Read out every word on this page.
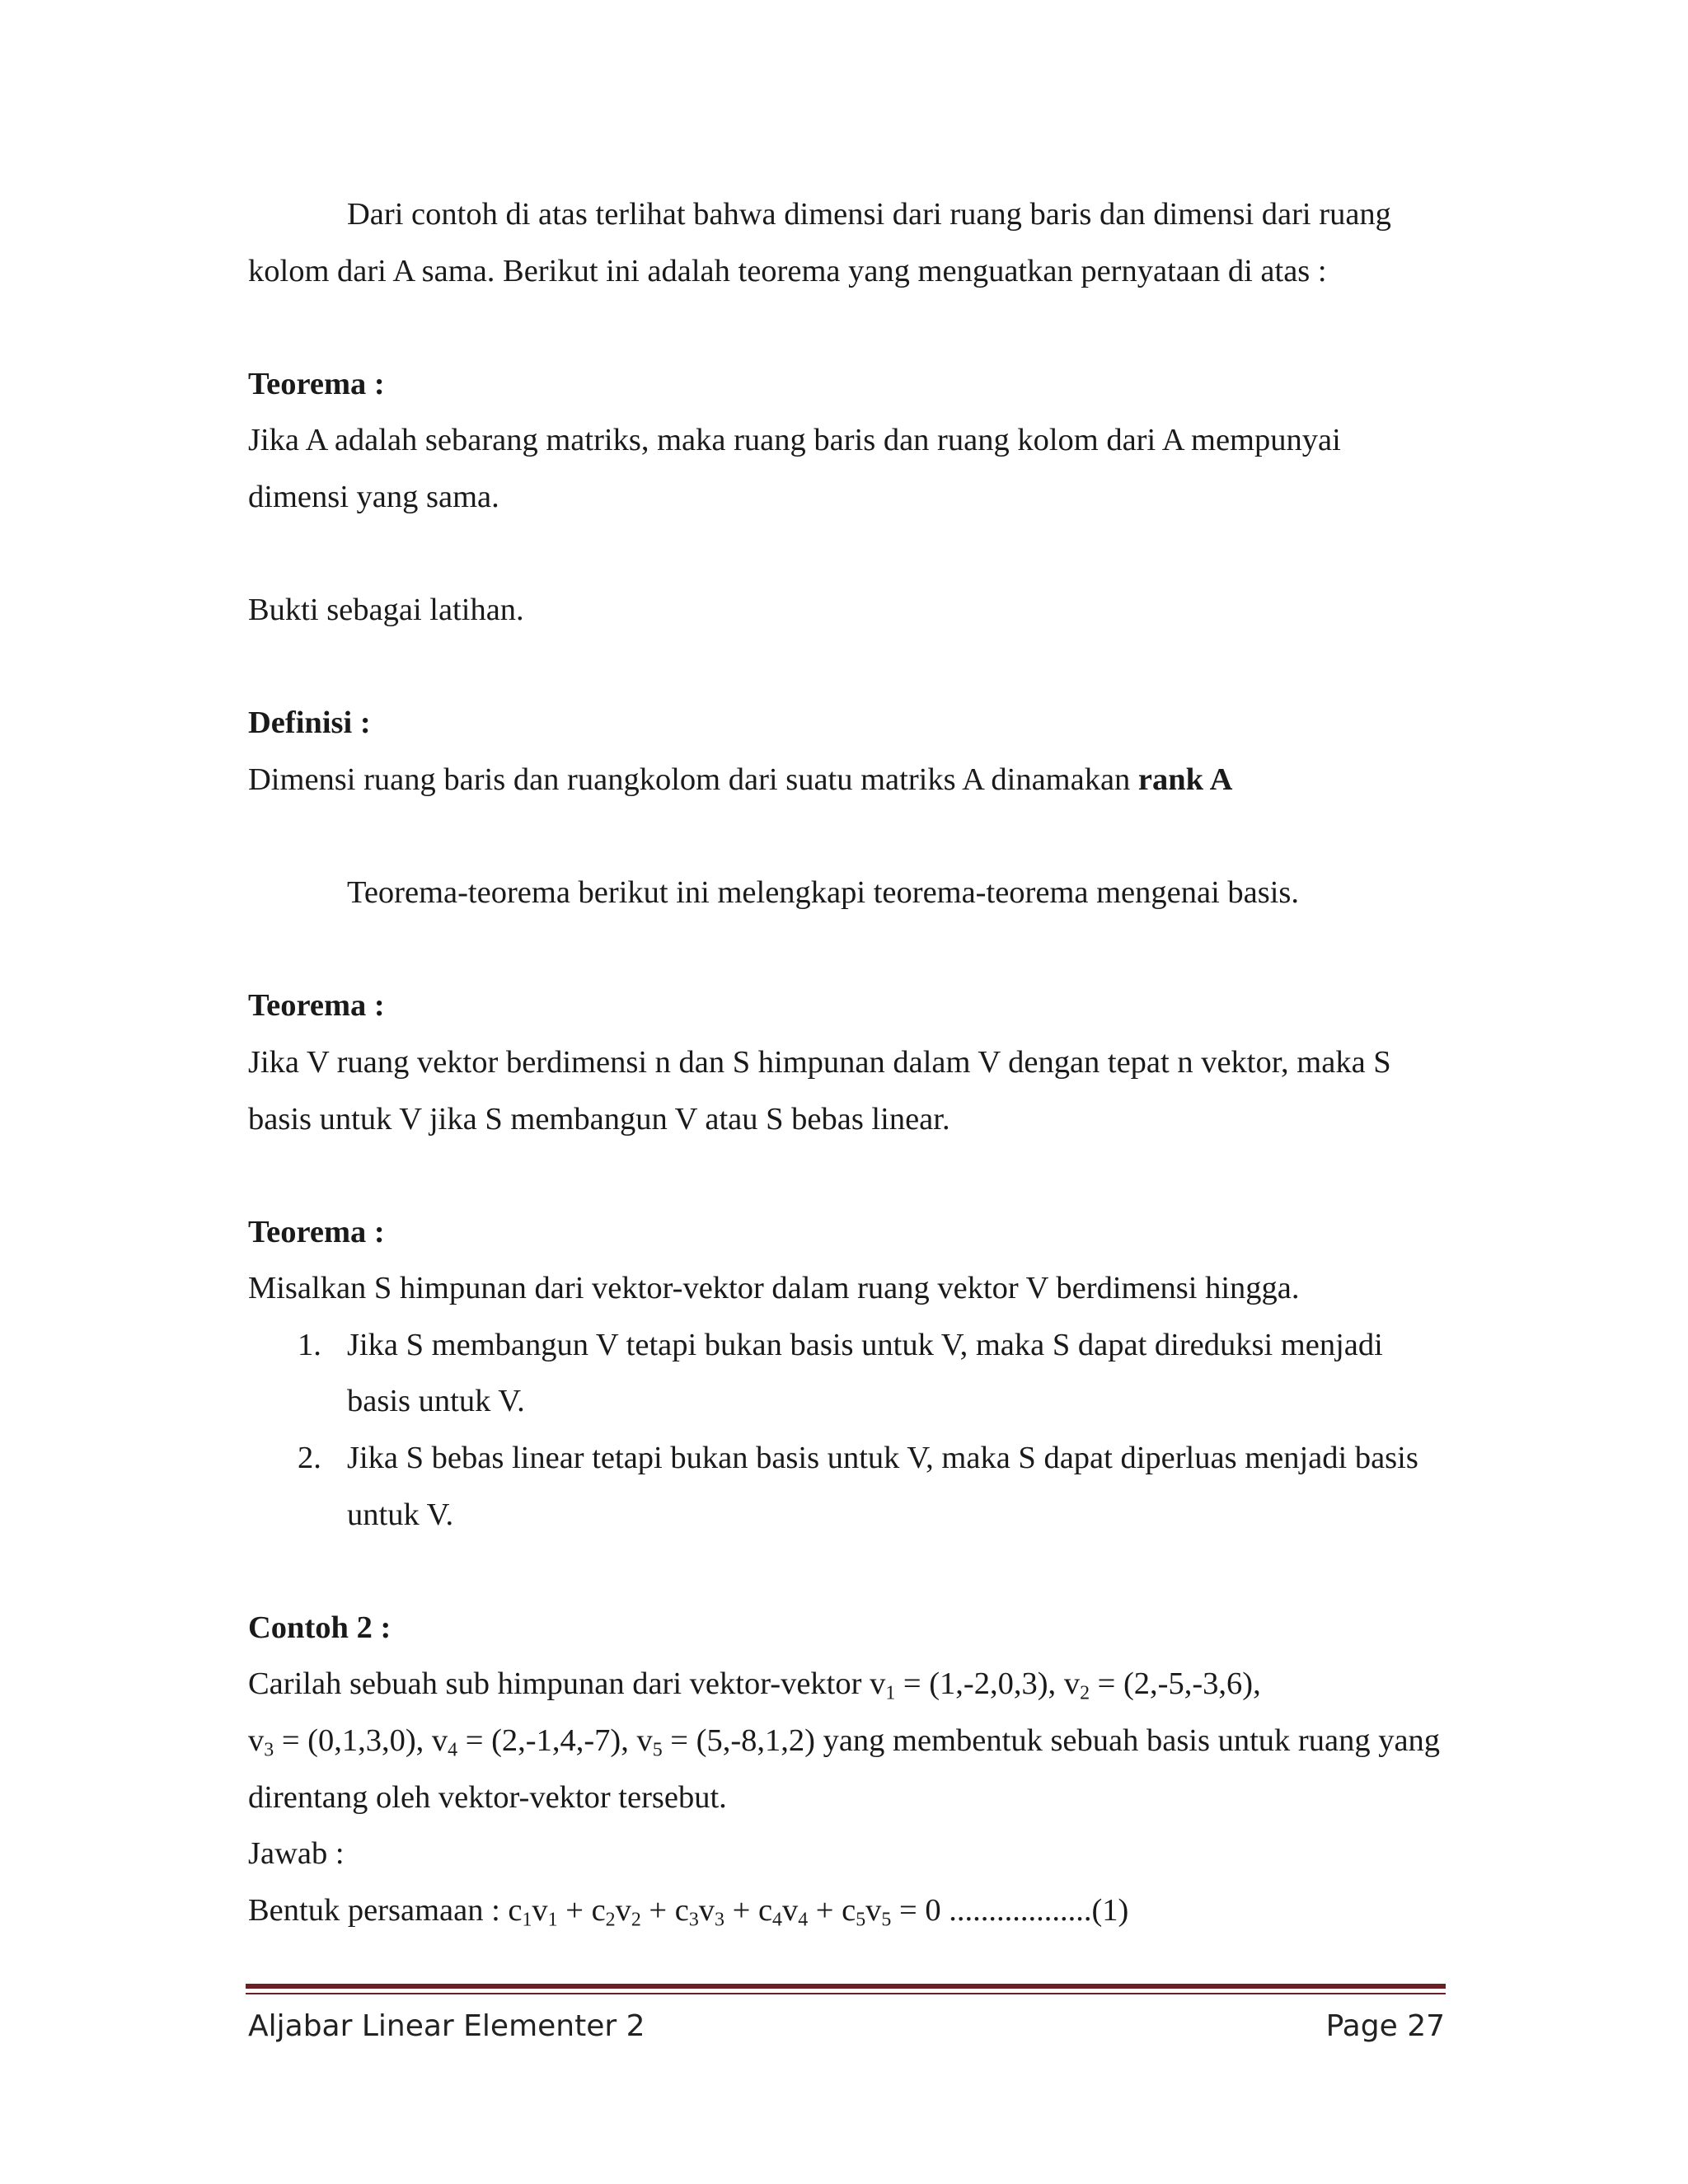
Dari contoh di atas terlihat bahwa dimensi dari ruang baris dan dimensi dari ruang kolom dari A sama. Berikut ini adalah teorema yang menguatkan pernyataan di atas :

Teorema :

Jika A adalah sebarang matriks, maka ruang baris dan ruang kolom dari A mempunyai dimensi yang sama.

Bukti sebagai latihan.

Definisi :

Dimensi ruang baris dan ruangkolom dari suatu matriks A dinamakan rank A

Teorema-teorema berikut ini melengkapi teorema-teorema mengenai basis.

Teorema :

Jika V ruang vektor berdimensi n dan S himpunan dalam V dengan tepat n vektor, maka S basis untuk V jika S membangun V atau S bebas linear.

Teorema :

Misalkan S himpunan dari vektor-vektor dalam ruang vektor V berdimensi hingga.

1. Jika S membangun V tetapi bukan basis untuk V, maka S dapat direduksi menjadi basis untuk V.
2. Jika S bebas linear tetapi bukan basis untuk V, maka S dapat diperluas menjadi basis untuk V.

Contoh 2 :

Carilah sebuah sub himpunan dari vektor-vektor $v_1 = (1,-2,0,3)$, $v_2 = (2,-5,-3,6)$,
$v_3 = (0,1,3,0)$, $v_4 = (2,-1,4,-7)$, $v_5 = (5,-8,1,2)$ yang membentuk sebuah basis untuk ruang yang direntang oleh vektor-vektor tersebut.

Jawab :

Bentuk persamaan : $c_1v_1 + c_2v_2 + c_3v_3 + c_4v_4 + c_5v_5 = 0$ ..................(1)

Aljabar Linear Elementer 2	Page 27
